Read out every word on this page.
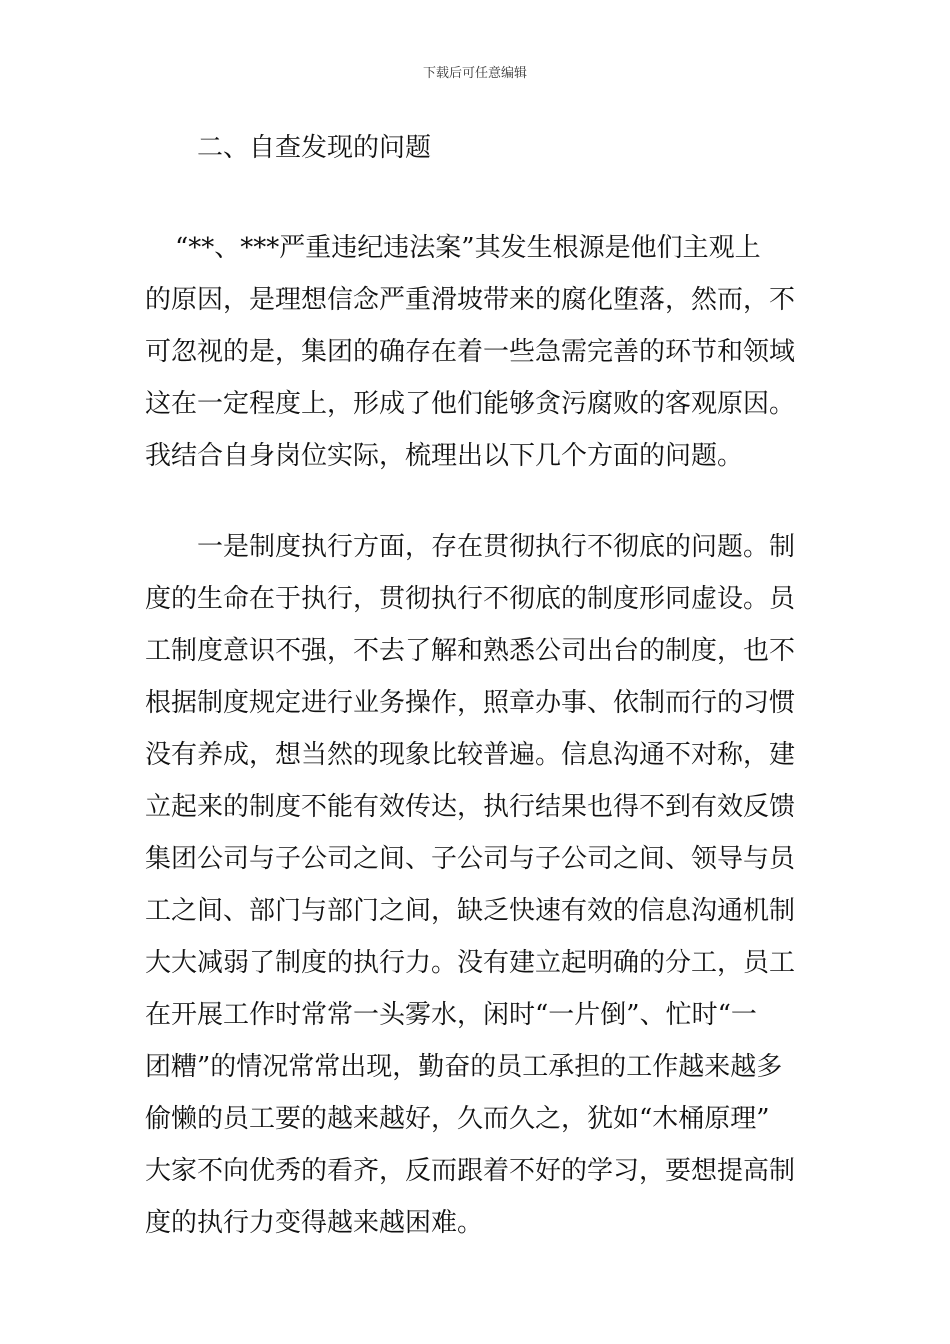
下载后可任意编辑
二、自查发现的问题
“**、***严重违纪违法案”其发生根源是他们主观上
的原因，是理想信念严重滑坡带来的腐化堕落，然而，不
可忽视的是，集团的确存在着一些急需完善的环节和领域
这在一定程度上，形成了他们能够贪污腐败的客观原因。
我结合自身岗位实际，梳理出以下几个方面的问题。
一是制度执行方面，存在贯彻执行不彻底的问题。制
度的生命在于执行，贯彻执行不彻底的制度形同虚设。员
工制度意识不强，不去了解和熟悉公司出台的制度，也不
根据制度规定进行业务操作，照章办事、依制而行的习惯
没有养成，想当然的现象比较普遍。信息沟通不对称，建
立起来的制度不能有效传达，执行结果也得不到有效反馈
集团公司与子公司之间、子公司与子公司之间、领导与员
工之间、部门与部门之间，缺乏快速有效的信息沟通机制
大大减弱了制度的执行力。没有建立起明确的分工，员工
在开展工作时常常一头雾水，闲时“一片倒”、忙时“一
团糟”的情况常常出现，勤奋的员工承担的工作越来越多
偷懒的员工要的越来越好，久而久之，犹如“木桶原理”
大家不向优秀的看齐，反而跟着不好的学习，要想提高制
度的执行力变得越来越困难。
